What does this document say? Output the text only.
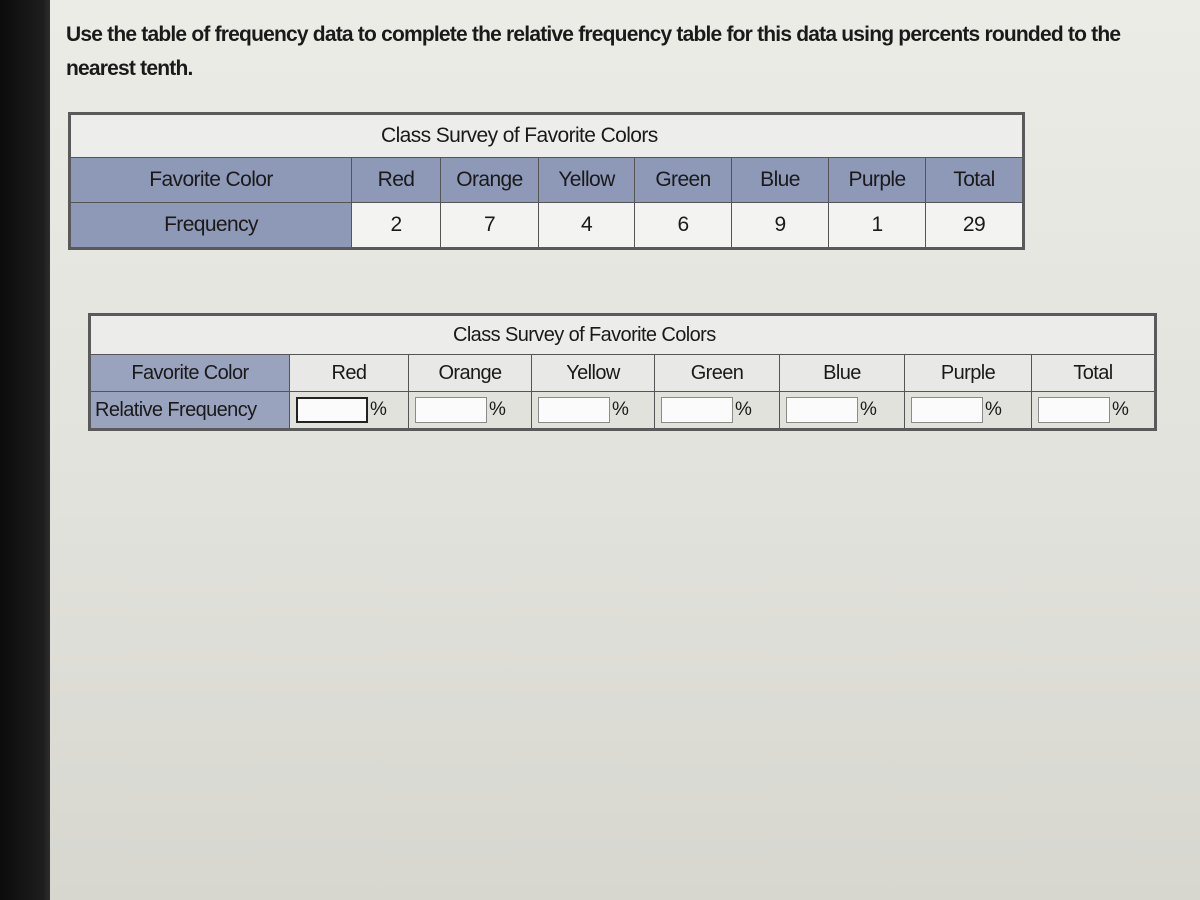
Use the table of frequency data to complete the relative frequency table for this data using percents rounded to the nearest tenth.

Class Survey of Favorite Colors							
Favorite Color	Red	Orange	Yellow	Green	Blue	Purple	Total
Frequency	2	7	4	6	9	1	29
Class Survey of Favorite Colors							
Favorite Color	Red	Orange	Yellow	Green	Blue	Purple	Total
Relative Frequency	%	%	%	%	%	%	%
